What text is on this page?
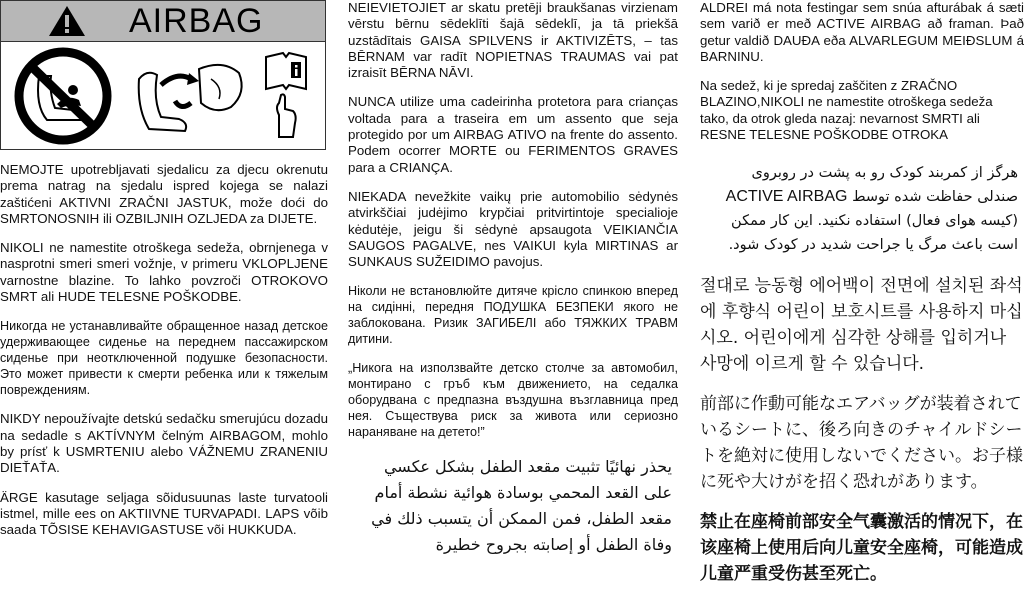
AIRBAG

NEMOJTE upotrebljavati sjedalicu za djecu okrenutu prema natrag na sjedalu ispred kojega se nalazi zaštićeni AKTIVNI ZRAČNI JASTUK, može doći do SMRTONOSNIH ili OZBILJNIH OZLJEDA za DIJETE.

NIKOLI ne namestite otroškega sedeža, obrnjenega v nasprotni smeri smeri vožnje, v primeru VKLOPLJENE varnostne blazine. To lahko povzroči OTROKOVO SMRT ali HUDE TELESNE POŠKODBE.

Никогда не устанавливайте обращенное назад детское удерживающее сиденье на переднем пассажирском сиденье при неотключенной подушке безопасности. Это может привести к смерти ребенка или к тяжелым повреждениям.

NIKDY nepoužívajte detskú sedačku smerujúcu dozadu na sedadle s AKTÍVNYM čelným AIRBAGOM, mohlo by prísť k USMRTENIU alebo VÁŽNEMU ZRANENIU DIEŤAŤA.

ÄRGE kasutage seljaga sõidusuunas laste turvatooli istmel, mille ees on AKTIIVNE TURVAPADI. LAPS võib saada TÕSISE KEHAVIGASTUSE või HUKKUDA.

NEIEVIETOJIET ar skatu pretēji braukšanas virzienam vērstu bērnu sēdeklīti šajā sēdeklī, ja tā priekšā uzstādītais GAISA SPILVENS ir AKTIVIZĒTS, – tas BĒRNAM var radīt NOPIETNAS TRAUMAS vai pat izraisīt BĒRNA NĀVI.

NUNCA utilize uma cadeirinha protetora para crianças voltada para a traseira em um assento que seja protegido por um AIRBAG ATIVO na frente do assento. Podem ocorrer MORTE ou FERIMENTOS GRAVES para a CRIANÇA.

NIEKADA nevežkite vaikų prie automobilio sėdynės atvirkščiai judėjimo krypčiai pritvirtintoje specialioje kėdutėje, jeigu ši sėdynė apsaugota VEIKIANČIA SAUGOS PAGALVE, nes VAIKUI kyla MIRTINAS ar SUNKAUS SUŽEIDIMO pavojus.

Ніколи не встановлюйте дитяче крісло спинкою вперед на сидінні, передня ПОДУШКА БЕЗПЕКИ якого не заблокована. Ризик ЗАГИБЕЛІ або ТЯЖКИХ ТРАВМ дитини.

„Никога на използвайте детско столче за автомобил, монтирано с гръб към движението, на седалка оборудвана с предпазна въздушна възглавница пред нея. Съществува риск за живота или сериозно нараняване на детето!”

يحذر نهائيًا تثبيت مقعد الطفل بشكل عكسي على القعد المحمي بوسادة هوائية نشطة أمام مقعد الطفل، فمن الممكن أن يتسبب ذلك في وفاة الطفل أو إصابته بجروح خطيرة

ALDREI má nota festingar sem snúa afturábak á sæti sem varið er með ACTIVE AIRBAG að framan. Það getur valdið DAUÐA eða ALVARLEGUM MEIÐSLUM á BARNINU.

Na sedež, ki je spredaj zaščiten z ZRAČNO BLAZINO,NIKOLI ne namestite otroškega sedeža tako, da otrok gleda nazaj: nevarnost SMRTI ali RESNE TELESNE POŠKODBE OTROKA

هرگز از کمربند کودک رو به پشت در روبروی
صندلی حفاظت شده توسط ACTIVE AIRBAG
(کیسه هوای فعال) استفاده نکنید. این کار ممکن است باعث مرگ یا جراحت شدید در کودک شود.

절대로 능동형 에어백이 전면에 설치된 좌석에 후향식 어린이 보호시트를 사용하지 마십시오. 어린이에게 심각한 상해를 입히거나 사망에 이르게 할 수 있습니다.

前部に作動可能なエアバッグが装着されているシートに、後ろ向きのチャイルドシートを絶対に使用しないでください。お子様に死や大けがを招く恐れがあります。

禁止在座椅前部安全气囊激活的情况下，在该座椅上使用后向儿童安全座椅，可能造成儿童严重受伤甚至死亡。
